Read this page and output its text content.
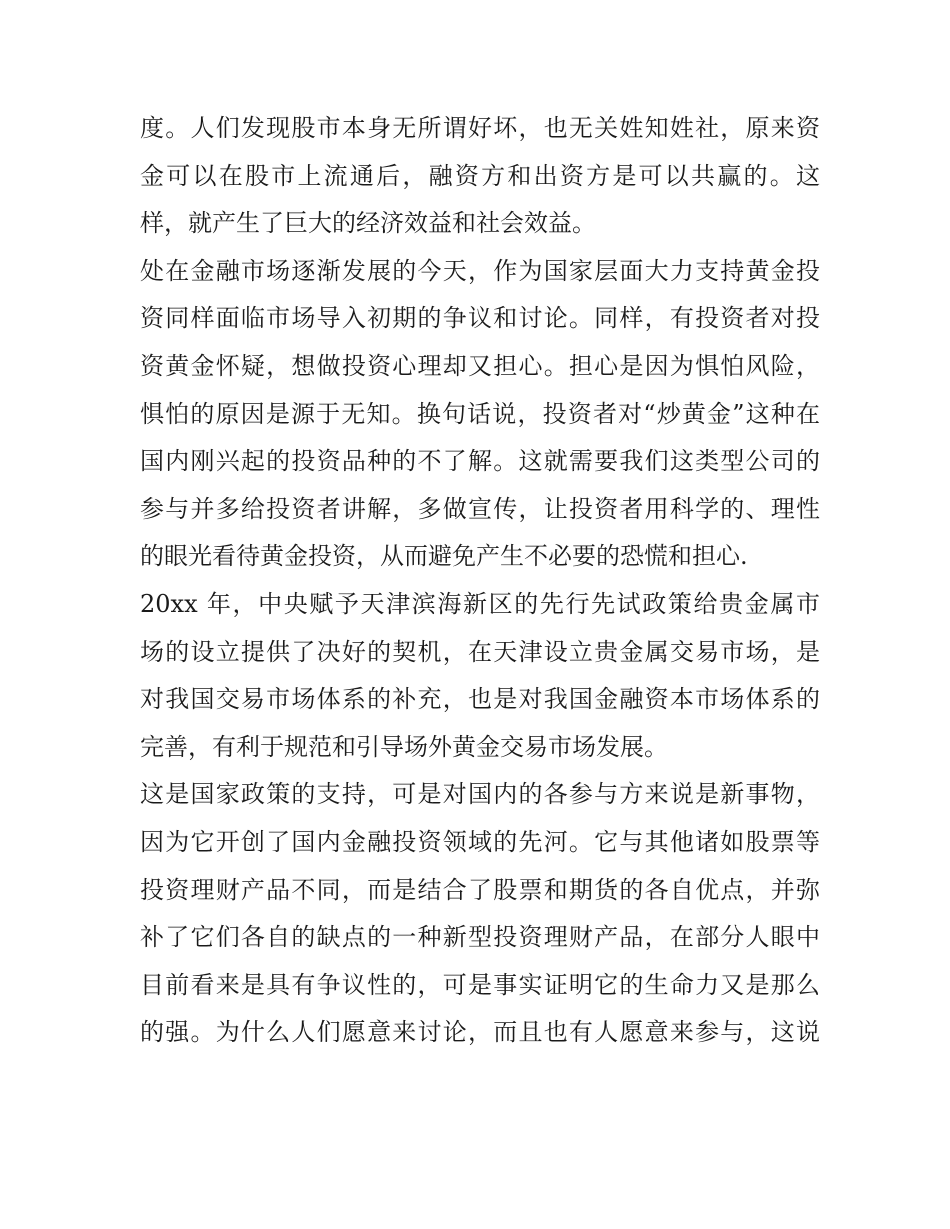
度。人们发现股市本身无所谓好坏，也无关姓知姓社，原来资
金可以在股市上流通后，融资方和出资方是可以共赢的。这
样，就产生了巨大的经济效益和社会效益。
处在金融市场逐渐发展的今天，作为国家层面大力支持黄金投
资同样面临市场导入初期的争议和讨论。同样，有投资者对投
资黄金怀疑，想做投资心理却又担心。担心是因为惧怕风险，
惧怕的原因是源于无知。换句话说，投资者对“炒黄金”这种在
国内刚兴起的投资品种的不了解。这就需要我们这类型公司的
参与并多给投资者讲解，多做宣传，让投资者用科学的、理性
的眼光看待黄金投资，从而避免产生不必要的恐慌和担心.
20xx 年，中央赋予天津滨海新区的先行先试政策给贵金属市
场的设立提供了决好的契机，在天津设立贵金属交易市场，是
对我国交易市场体系的补充，也是对我国金融资本市场体系的
完善，有利于规范和引导场外黄金交易市场发展。
这是国家政策的支持，可是对国内的各参与方来说是新事物，
因为它开创了国内金融投资领域的先河。它与其他诸如股票等
投资理财产品不同，而是结合了股票和期货的各自优点，并弥
补了它们各自的缺点的一种新型投资理财产品，在部分人眼中
目前看来是具有争议性的，可是事实证明它的生命力又是那么
的强。为什么人们愿意来讨论，而且也有人愿意来参与，这说
